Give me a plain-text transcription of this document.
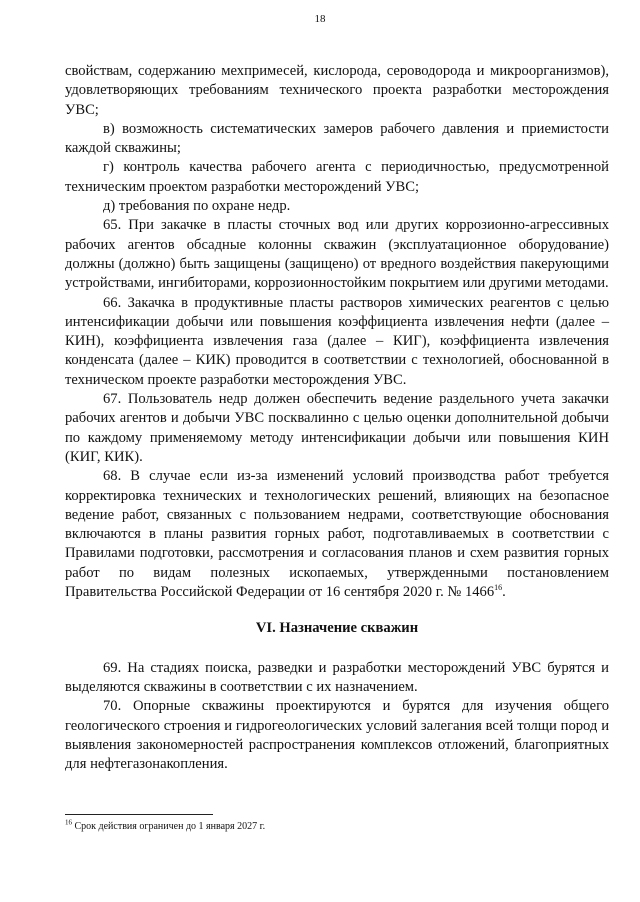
18

свойствам, содержанию мехпримесей, кислорода, сероводорода и микроорганизмов), удовлетворяющих требованиям технического проекта разработки месторождения УВС;

в) возможность систематических замеров рабочего давления и приемистости каждой скважины;

г) контроль качества рабочего агента с периодичностью, предусмотренной техническим проектом разработки месторождений УВС;

д) требования по охране недр.

65. При закачке в пласты сточных вод или других коррозионно-агрессивных рабочих агентов обсадные колонны скважин (эксплуатационное оборудование) должны (должно) быть защищены (защищено) от вредного воздействия пакерующими устройствами, ингибиторами, коррозионностойким покрытием или другими методами.

66. Закачка в продуктивные пласты растворов химических реагентов с целью интенсификации добычи или повышения коэффициента извлечения нефти (далее – КИН), коэффициента извлечения газа (далее – КИГ), коэффициента извлечения конденсата (далее – КИК) проводится в соответствии с технологией, обоснованной в техническом проекте разработки месторождения УВС.

67. Пользователь недр должен обеспечить ведение раздельного учета закачки рабочих агентов и добычи УВС посквалинно с целью оценки дополнительной добычи по каждому применяемому методу интенсификации добычи или повышения КИН (КИГ, КИК).

68. В случае если из-за изменений условий производства работ требуется корректировка технических и технологических решений, влияющих на безопасное ведение работ, связанных с пользованием недрами, соответствующие обоснования включаются в планы развития горных работ, подготавливаемых в соответствии с Правилами подготовки, рассмотрения и согласования планов и схем развития горных работ по видам полезных ископаемых, утвержденными постановлением Правительства Российской Федерации от 16 сентября 2020 г. № 1466$^{16}$.

VI. Назначение скважин

69. На стадиях поиска, разведки и разработки месторождений УВС бурятся и выделяются скважины в соответствии с их назначением.

70. Опорные скважины проектируются и бурятся для изучения общего геологического строения и гидрогеологических условий залегания всей толщи пород и выявления закономерностей распространения комплексов отложений, благоприятных для нефтегазонакопления.

$^{16}$ Срок действия ограничен до 1 января 2027 г.
